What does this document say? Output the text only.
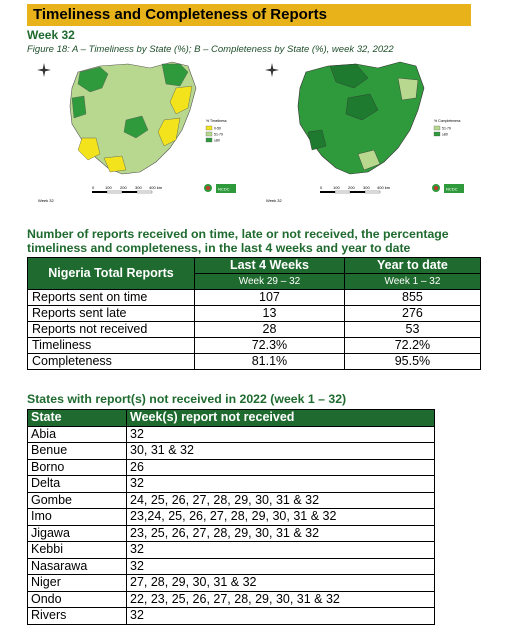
Timeliness and Completeness of Reports
Week 32
Figure 18: A – Timeliness by State (%); B – Completeness by State (%), week 32, 2022
% Timeliness
0-50
51-79
≥80
0	100 200 300 400 km
Week 32
NCDC
% Completeness
51-79
≥80
0	100 200 300 400 km
Week 32
NCDC
Number of reports received on time, late or not received, the percentage
timeliness and completeness, in the last 4 weeks and year to date
Nigeria Total Reports	Last 4 Weeks	Year to date
	Week 29 – 32	Week 1 – 32
Reports sent on time	107	855
Reports sent late	13	276
Reports not received	28	53
Timeliness	72.3%	72.2%
Completeness	81.1%	95.5%
States with report(s) not received in 2022 (week 1 – 32)
State	Week(s) report not received
Abia	32
Benue	30, 31 & 32
Borno	26
Delta	32
Gombe	24, 25, 26, 27, 28, 29, 30, 31 & 32
Imo	23,24, 25, 26, 27, 28, 29, 30, 31 & 32
Jigawa	23, 25, 26, 27, 28, 29, 30, 31 & 32
Kebbi	32
Nasarawa	32
Niger	27, 28, 29, 30, 31 & 32
Ondo	22, 23, 25, 26, 27, 28, 29, 30, 31 & 32
Rivers	32
